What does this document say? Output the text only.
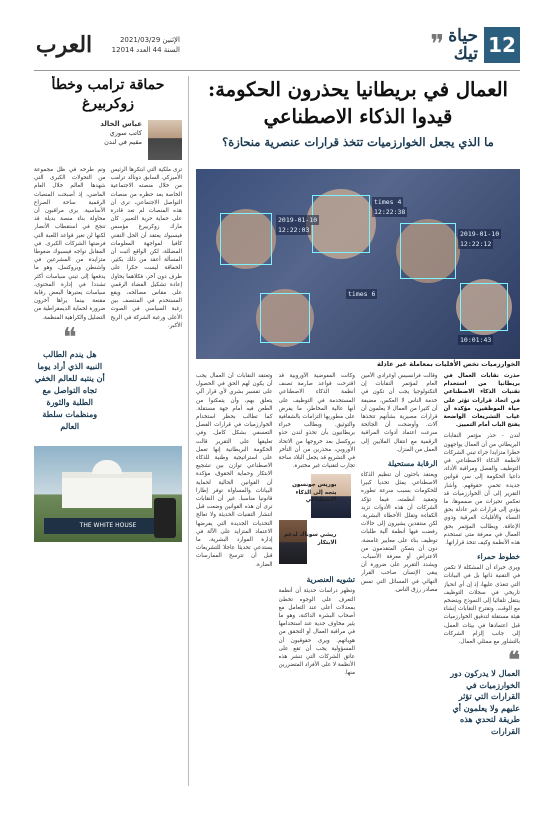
العرب	الإثنين 2021/03/29
السنة 44 العدد 12014	❞ حياة
تيك 12
حماقة ترامب وخطأ زوكربيرغ
عباس الخالد
كاتب سوري
مقيم في لندن

ترى ملكية التي ابتكرها الرئيس الأميركي السابق دونالد ترامب من خلال منصته الاجتماعية الخاصة بعد حظره من منصات التواصل الاجتماعي، ترى أن هذه المنصات لم تعد قادرة على حماية حرية التعبير. كان مارك زوكربيرغ مؤسس فيسبوك يعتقد أن الحل التقني كافيا لمواجهة المعلومات المضللة، لكن الواقع أثبت أن المسألة أعقد من ذلك بكثير. الحماقة ليست حكرا على طرف دون آخر، فكلاهما يحاول إعادة تشكيل الفضاء الرقمي على مقاس مصالحه، ويقع المستخدم في المنتصف بين رغبة السياسي في الصوت الأعلى ورغبة الشركة في الربح الأكبر.

وتم طرحه في ظل مجموعة من التحولات الكبرى التي شهدها العالم خلال العام الماضي، إذ أصبحت المنصات الرقمية ساحة الصراع الأساسية. يرى مراقبون أن محاولة بناء منصة بديلة قد تنجح في استقطاب الأنصار لكنها لن تغير قواعد اللعبة التي فرضتها الشركات الكبرى. في المقابل تواجه فيسبوك ضغوطا متزايدة من المشرعين في واشنطن وبروكسل، وهو ما يدفعها إلى تبني سياسات أكثر تشددا في إدارة المحتوى، سياسات يعتبرها البعض رقابة مقنعة بينما يراها آخرون ضرورة لحماية الديمقراطية من التضليل والكراهية المنظمة.

❝
هل يندم الطالب النبيه الذي أراد يوما أن ينتبه للعالم الخفي تجاه التواصل مع الطلبة والثورة ومنظمات سلطة العالم
THE WHITE HOUSE
العمال في بريطانيا يحذرون الحكومة: قيدوا الذكاء الاصطناعي
ما الذي يجعل الخوارزميات تتخذ قرارات عنصرية منحازة؟
2019-01-10
12:22:03
4 times
12:22:38
6 times
2019-01-10
12:22:12
10:01:43
الخوارزميات تخص الأقليات بمعاملة غير عادلة

حذرت نقابات العمال في بريطانيا من استخدام تقنيات الذكاء الاصطناعي في اتخاذ قرارات تؤثر على حياة الموظفين، مؤكدة أن غياب التشريعات الواضحة يفتح الباب أمام التمييز.

لندن - حذر مؤتمر النقابات البريطاني من أن العمال يواجهون خطرا متزايدا جراء تبني الشركات لأنظمة الذكاء الاصطناعي في التوظيف والفصل ومراقبة الأداء، داعيا الحكومة إلى سن قوانين جديدة تحمي حقوقهم. وأشار التقرير إلى أن الخوارزميات قد تعكس تحيزات من صمموها، ما يؤدي إلى قرارات غير عادلة بحق النساء والأقليات العرقية وذوي الإعاقة. ويطالب المؤتمر بحق العمال في معرفة متى تستخدم هذه الأنظمة وكيف تتخذ قراراتها.

خطوط حمراء

ويرى خبراء أن المشكلة لا تكمن في التقنية ذاتها بل في البيانات التي تتغذى عليها، إذ إن أي انحياز تاريخي في سجلات التوظيف ينتقل تلقائيا إلى النموذج ويتضخم مع الوقت. وتقترح النقابات إنشاء هيئة مستقلة لتدقيق الخوارزميات قبل اعتمادها في بيئات العمل، إلى جانب إلزام الشركات بالتشاور مع ممثلي العمال.

❝
العمال لا يدركون دور الخوارزميات في القرارات التي تؤثر عليهم ولا يعلمون أي طريقة لتحدي هذه القرارات

وقالت فرانسيس أوغرادي الأمين العام لمؤتمر النقابات إن التكنولوجيا يجب أن تكون في خدمة الناس لا العكس، مضيفة أن كثيرا من العمال لا يعلمون أن قرارات مصيرية بشأنهم تتخذها آلات. وأوضحت أن الجائحة سرعت اعتماد أدوات المراقبة الرقمية مع انتقال الملايين إلى العمل من المنزل.

الرقابة مستحيلة

ويعتقد باحثون أن تنظيم الذكاء الاصطناعي يمثل تحديا كبيرا للحكومات بسبب سرعة تطوره وتعقيد أنظمته، فيما تؤكد الشركات أن هذه الأدوات تزيد الكفاءة وتقلل الأخطاء البشرية. لكن منتقدين يشيرون إلى حالات رفضت فيها أنظمة آلية طلبات توظيف بناء على معايير غامضة، دون أن يتمكن المتقدمون من الاعتراض أو معرفة الأسباب. ويشدد التقرير على ضرورة أن يبقى الإنسان صاحب القرار النهائي في المسائل التي تمس مصادر رزق الناس.

وكانت المفوضية الأوروبية قد اقترحت قواعد صارمة تصنف أنظمة الذكاء الاصطناعي المستخدمة في التوظيف على أنها عالية المخاطر، ما يفرض على مطوريها التزامات بالشفافية والتوثيق. ويطالب خبراء بريطانيون بأن تحذو لندن حذو بروكسل بعد خروجها من الاتحاد الأوروبي، محذرين من أن التأخر في التشريع قد يجعل البلاد ساحة تجارب لتقنيات غير مختبرة.

بوريس جونسون يتجه إلى الذكاء الاصطناعي
ريشي سوناك لدعم الابتكار
تشويه العنصرية

وتظهر دراسات حديثة أن أنظمة التعرف على الوجوه تخطئ بمعدلات أعلى عند التعامل مع أصحاب البشرة الداكنة، وهو ما يثير مخاوف جدية عند استخدامها في مراقبة العمال أو التحقق من هوياتهم. ويرى حقوقيون أن المسؤولية يجب أن تقع على عاتق الشركات التي تنشر هذه الأنظمة لا على الأفراد المتضررين منها.

وتعتقد النقابات أن العمال يجب أن يكون لهم الحق في الحصول على تفسير بشري لأي قرار آلي يتعلق بهم، وأن يتمكنوا من الطعن فيه أمام جهة مستقلة. كما تطالب بحظر استخدام الخوارزميات في قرارات الفصل التعسفي بشكل كامل. وفي تعليقها على التقرير قالت الحكومة البريطانية إنها تعمل على استراتيجية وطنية للذكاء الاصطناعي توازن بين تشجيع الابتكار وحماية الحقوق، مؤكدة أن القوانين الحالية لحماية البيانات والمساواة توفر إطارا قانونيا مناسبا. غير أن النقابات ترى أن هذه القوانين وضعت قبل انتشار التقنيات الحديثة ولا تعالج التحديات الجديدة التي يفرضها الاعتماد المتزايد على الآلة في إدارة الموارد البشرية، ما يستدعي تحديثا عاجلا للتشريعات قبل أن تترسخ الممارسات الضارة.
